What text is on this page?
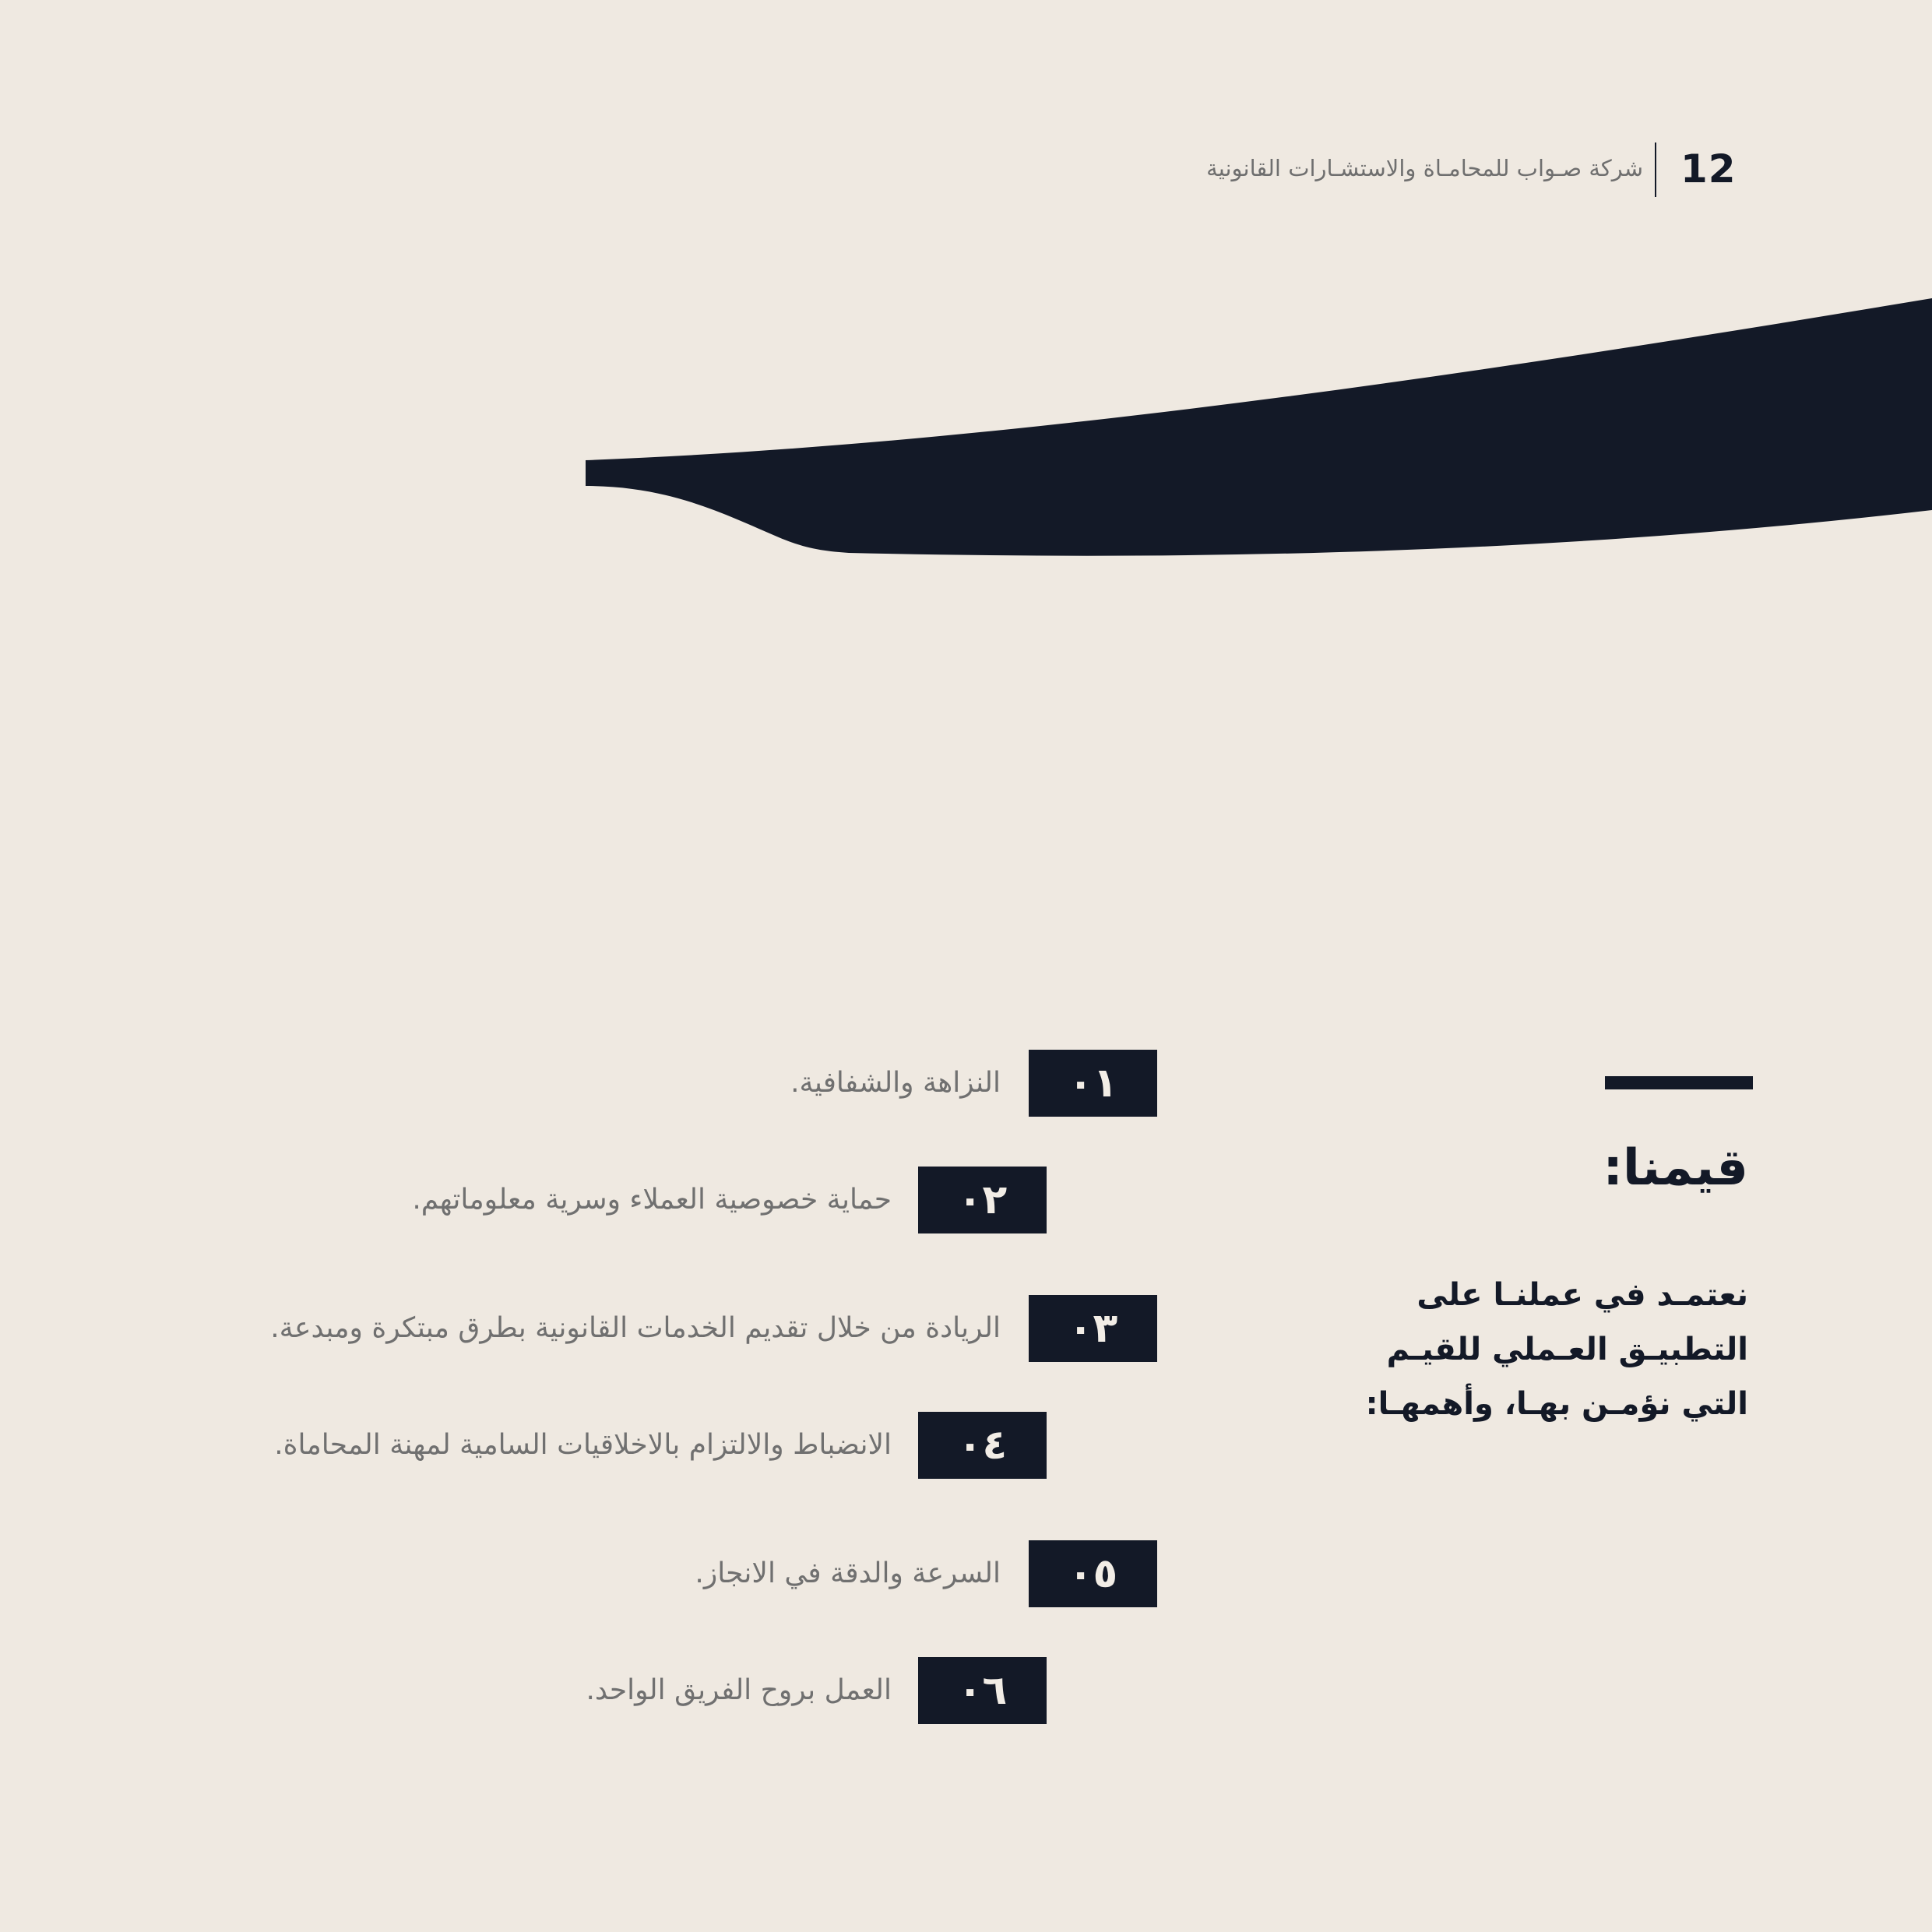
12
شركة صـواب للمحامـاة والاستشـارات القانونية
قيمنا:
نعتمـد في عملنـا على التطبيـق العـملي للقيـم التي نؤمـن بهـا، وأهمهـا:
٠١
النزاهة والشفافية.
٠٢
حماية خصوصية العملاء وسرية معلوماتهم.
٠٣
الريادة من خلال تقديم الخدمات القانونية بطرق مبتكرة ومبدعة.
٠٤
الانضباط والالتزام بالاخلاقيات السامية لمهنة المحاماة.
٠٥
السرعة والدقة في الانجاز.
٠٦
العمل بروح الفريق الواحد.
